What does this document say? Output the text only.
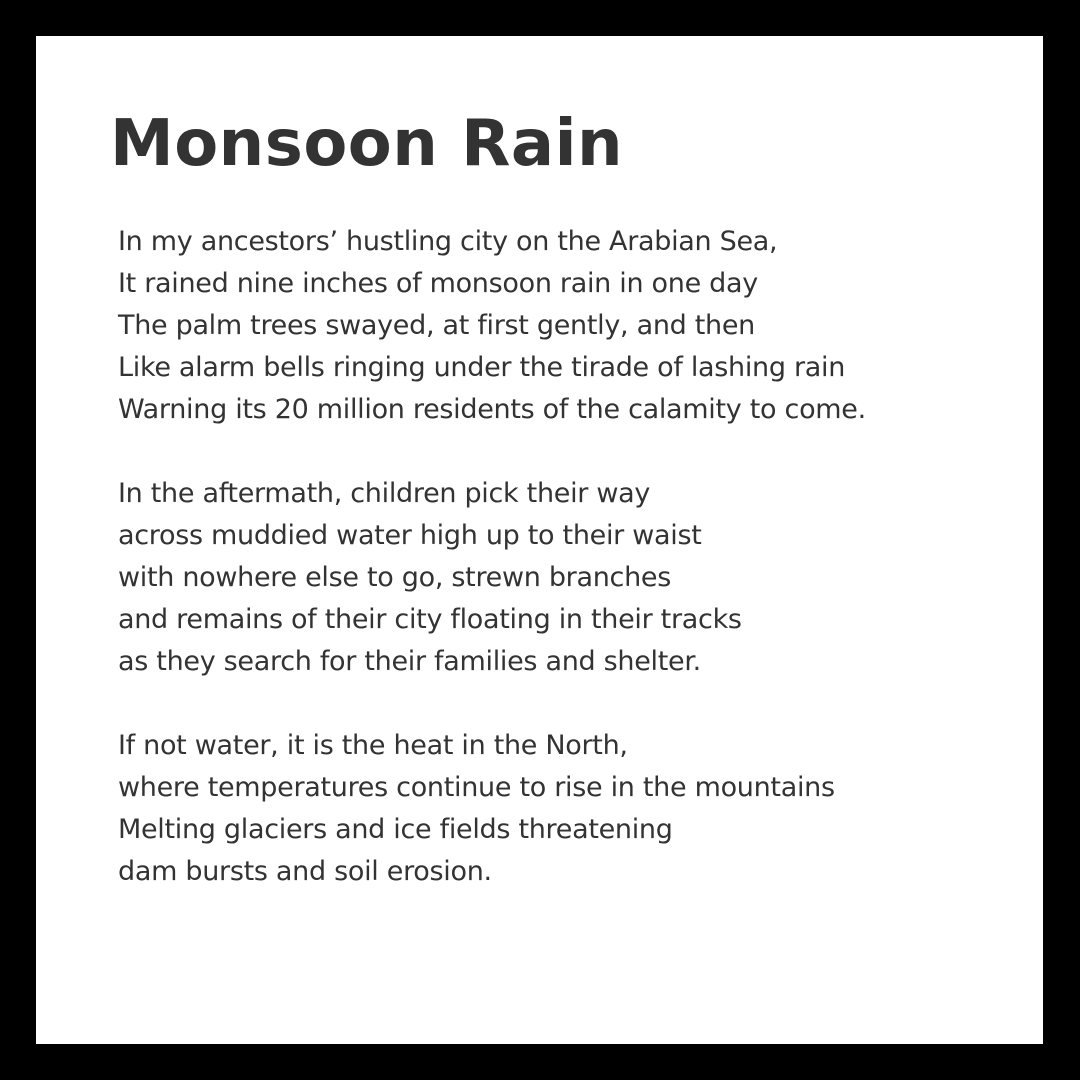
Monsoon Rain

In my ancestors’ hustling city on the Arabian Sea,
It rained nine inches of monsoon rain in one day
The palm trees swayed, at first gently, and then
Like alarm bells ringing under the tirade of lashing rain
Warning its 20 million residents of the calamity to come.

In the aftermath, children pick their way
across muddied water high up to their waist
with nowhere else to go, strewn branches
and remains of their city floating in their tracks
as they search for their families and shelter.

If not water, it is the heat in the North,
where temperatures continue to rise in the mountains
Melting glaciers and ice fields threatening
dam bursts and soil erosion.
